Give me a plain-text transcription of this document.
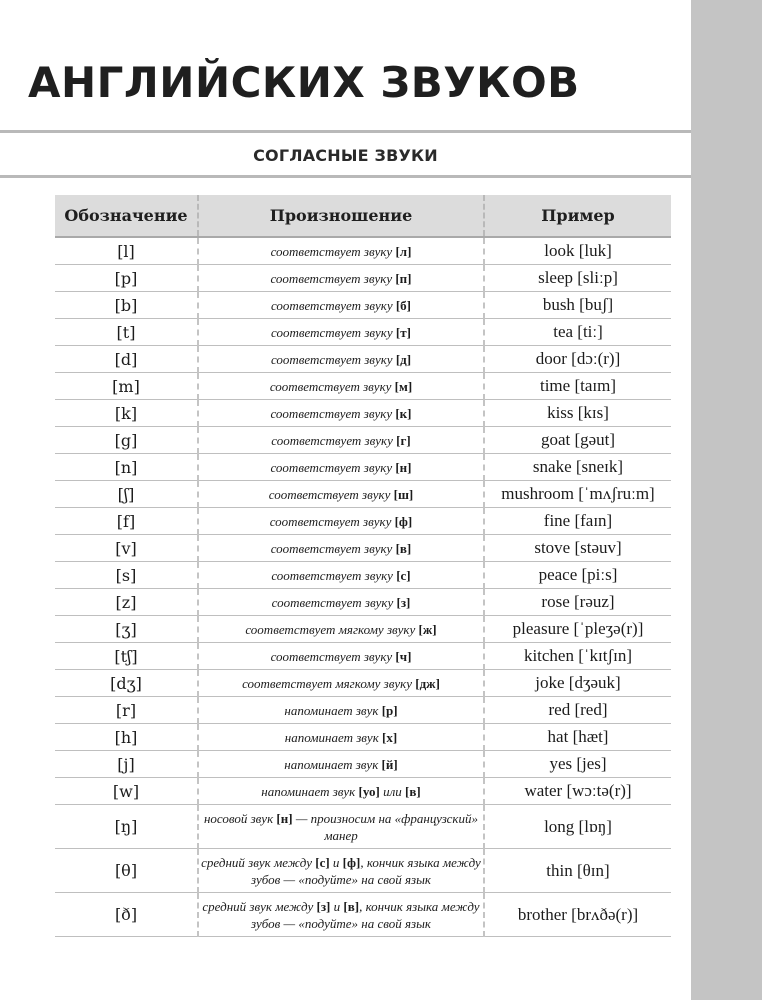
АНГЛИЙСКИХ ЗВУКОВ
СОГЛАСНЫЕ ЗВУКИ
Обозначение	Произношение	Пример
[l]	соответствует звуку [л]	look [luk]
[p]	соответствует звуку [п]	sleep [sliːp]
[b]	соответствует звуку [б]	bush [buʃ]
[t]	соответствует звуку [т]	tea [tiː]
[d]	соответствует звуку [д]	door [dɔː(r)]
[m]	соответствует звуку [м]	time [taɪm]
[k]	соответствует звуку [к]	kiss [kɪs]
[g]	соответствует звуку [г]	goat [gəut]
[n]	соответствует звуку [н]	snake [sneɪk]
[ʃ]	соответствует звуку [ш]	mushroom [ˈmʌʃruːm]
[f]	соответствует звуку [ф]	fine [faɪn]
[v]	соответствует звуку [в]	stove [stəuv]
[s]	соответствует звуку [с]	peace [piːs]
[z]	соответствует звуку [з]	rose [rəuz]
[ʒ]	соответствует мягкому звуку [ж]	pleasure [ˈpleʒə(r)]
[tʃ]	соответствует звуку [ч]	kitchen [ˈkɪtʃɪn]
[dʒ]	соответствует мягкому звуку [дж]	joke [dʒəuk]
[r]	напоминает звук [р]	red [red]
[h]	напоминает звук [х]	hat [hæt]
[j]	напоминает звук [й]	yes [jes]
[w]	напоминает звук [уо] или [в]	water [wɔːtə(r)]
[ŋ]	носовой звук [н] — произносим на «французский» манер	long [lɒŋ]
[θ]	средний звук между [с] и [ф], кончик языка между зубов — «подуйте» на свой язык	thin [θɪn]
[ð]	средний звук между [з] и [в], кончик языка между зубов — «подуйте» на свой язык	brother [brʌðə(r)]
